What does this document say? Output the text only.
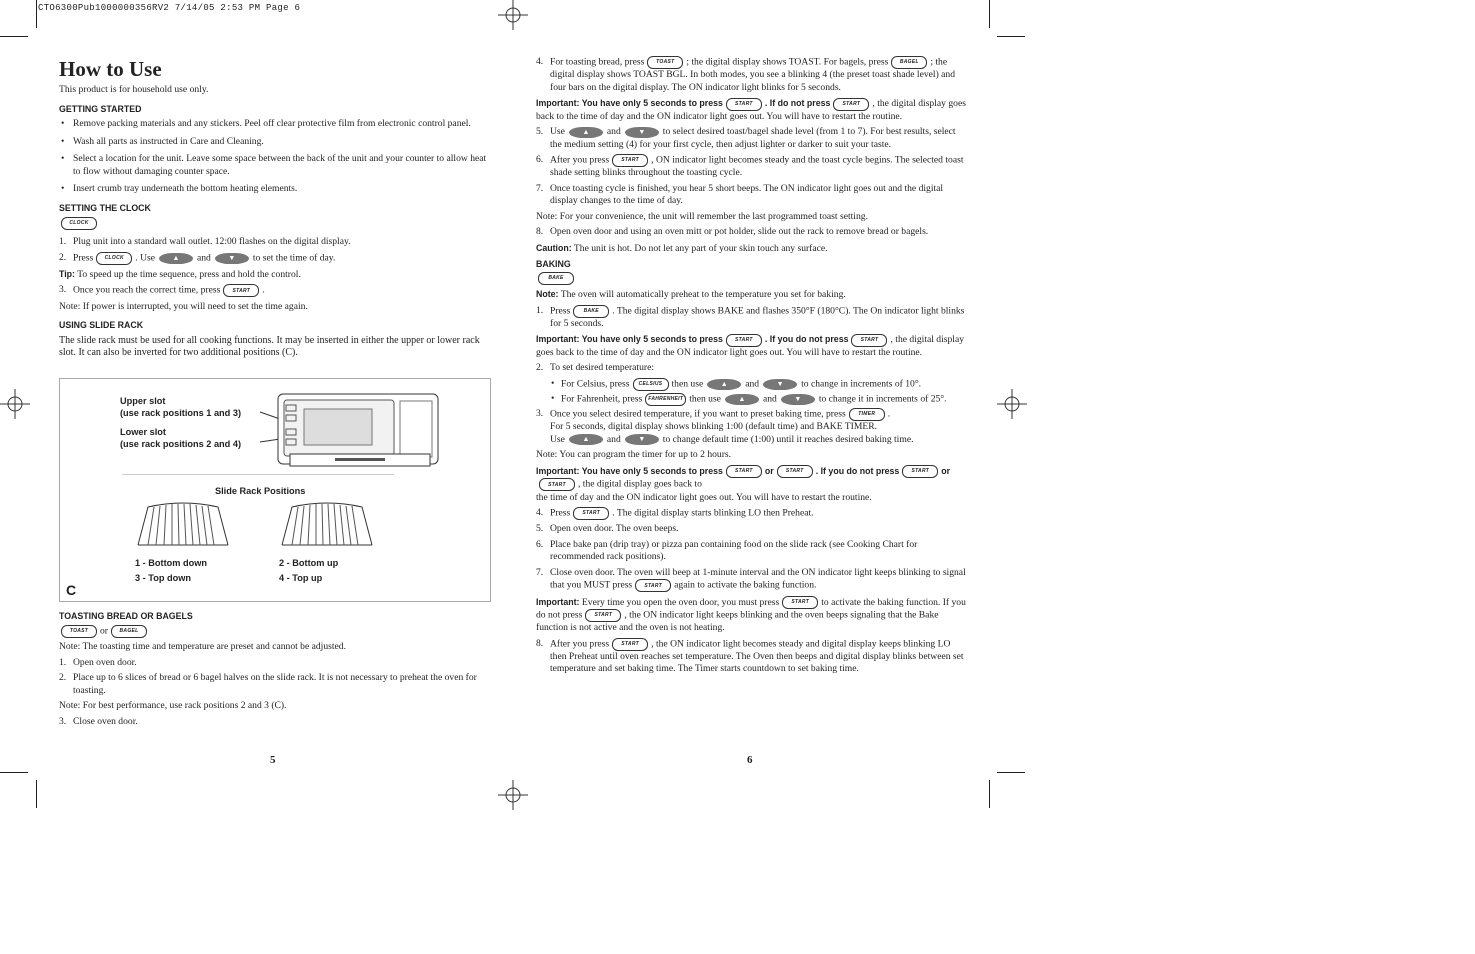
CTO6300Pub1000000356RV2 7/14/05 2:53 PM Page 6
How to Use

This product is for household use only.

GETTING STARTED
• Remove packing materials and any stickers. Peel off clear protective film from electronic control panel.
• Wash all parts as instructed in Care and Cleaning.
• Select a location for the unit. Leave some space between the back of the unit and your counter to allow heat to flow without damaging counter space.
• Insert crumb tray underneath the bottom heating elements.
SETTING THE CLOCK

CLOCK

1. Plug unit into a standard wall outlet. 12:00 flashes on the digital display.
2. Press CLOCK . Use	▲ and	▼ to set the time of day.

Tip: To speed up the time sequence, press and hold the control.

3. Once you reach the correct time, press START .

Note: If power is interrupted, you will need to set the time again.

USING SLIDE RACK

The slide rack must be used for all cooking functions. It may be inserted in either the upper or lower rack slot. It can also be inverted for two additional positions (C).

Upper slot
(use rack positions 1 and 3)
Lower slot
(use rack positions 2 and 4)
Slide Rack Positions
1 - Bottom down	2 - Bottom up
3 - Top down	4 - Top up
C
TOASTING BREAD OR BAGELS

TOAST or BAGEL

Note: The toasting time and temperature are preset and cannot be adjusted.

1. Open oven door.
2. Place up to 6 slices of bread or 6 bagel halves on the slide rack. It is not necessary to preheat the oven for toasting.

Note: For best performance, use rack positions 2 and 3 (C).

3. Close oven door.
5
4. For toasting bread, press TOAST ; the digital display shows TOAST. For bagels, press BAGEL ; the digital display shows TOAST BGL. In both modes, you see a blinking 4 (the preset toast shade level) and four bars on the digital display. The ON indicator light blinks for 5 seconds.

Important: You have only 5 seconds to press START . If do not press START , the digital display goes back to the time of day and the ON indicator light goes out. You will have to restart the routine.

5. Use	▲ and	▼ to select desired toast/bagel shade level (from 1 to 7). For best results, select the medium setting (4) for your first cycle, then adjust lighter or darker to suit your taste.
6. After you press START , ON indicator light becomes steady and the toast cycle begins. The selected toast shade setting blinks throughout the toasting cycle.
7. Once toasting cycle is finished, you hear 5 short beeps. The ON indicator light goes out and the digital display changes to the time of day.

Note: For your convenience, the unit will remember the last programmed toast setting.

8. Open oven door and using an oven mitt or pot holder, slide out the rack to remove bread or bagels.

Caution: The unit is hot. Do not let any part of your skin touch any surface.

BAKING

BAKE

Note: The oven will automatically preheat to the temperature you set for baking.

1. Press	BAKE . The digital display shows BAKE and flashes 350°F (180°C). The On indicator light blinks for 5 seconds.

Important: You have only 5 seconds to press START . If you do not press START , the digital display goes back to the time of day and the ON indicator light goes out. You will have to restart the routine.

2. To set desired temperature:
• For Celsius, press CELSIUS then use	▲ and	▼ to change in increments of 10°.
• For Fahrenheit, press FAHRENHEIT then use	▲ and	▼ to change it in increments of 25°.
3. Once you select desired temperature, if you want to preset baking time, press TIMER .
For 5 seconds, digital display shows blinking 1:00 (default time) and BAKE TIMER.
Use	▲ and	▼ to change default time (1:00) until it reaches desired baking time.

Note: You can program the timer for up to 2 hours.

Important: You have only 5 seconds to press START or START . If you do not press START orSTART , the digital display goes back to
the time of day and the ON indicator light goes out. You will have to restart the routine.

4. Press START . The digital display starts blinking LO then Preheat.
5. Open oven door. The oven beeps.
6. Place bake pan (drip tray) or pizza pan containing food on the slide rack (see Cooking Chart for recommended rack positions).
7. Close oven door. The oven will beep at 1-minute interval and the ON indicator light keeps blinking to signal that you MUST press START again to activate the baking function.

Important: Every time you open the oven door, you must press START to activate the baking function. If you do not press START , the ON indicator light keeps blinking and the oven beeps signaling that the Bake function is not active and the oven is not heating.

8. After you press START , the ON indicator light becomes steady and digital display keeps blinking LO then Preheat until oven reaches set temperature. The Oven then beeps and digital display blinks between set temperature and set baking time. The Timer starts countdown to set baking time.
6
